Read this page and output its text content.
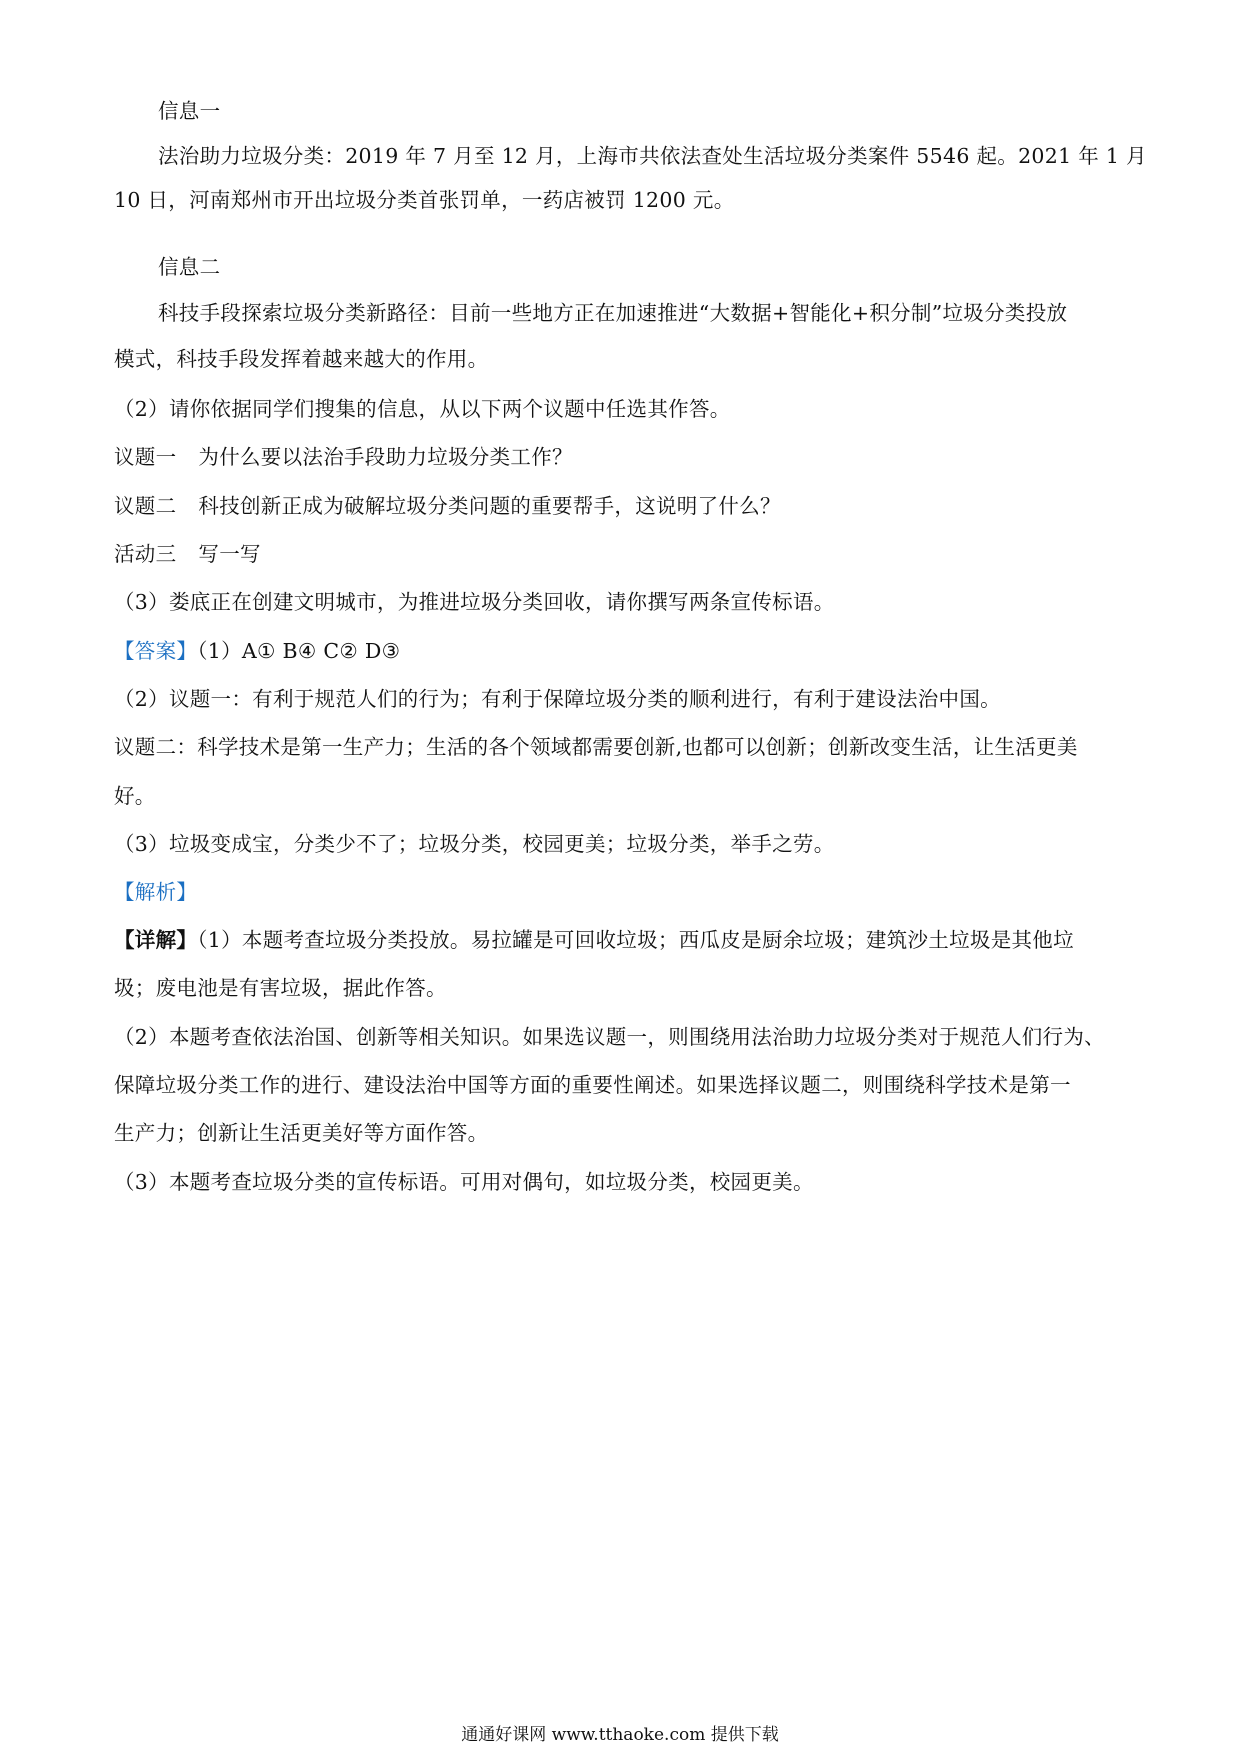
信息一
法治助力垃圾分类：2019 年 7 月至 12 月，上海市共依法查处生活垃圾分类案件 5546 起。2021 年 1 月
10 日，河南郑州市开出垃圾分类首张罚单，一药店被罚 1200 元。
信息二
科技手段探索垃圾分类新路径：目前一些地方正在加速推进“大数据+智能化+积分制”垃圾分类投放
模式，科技手段发挥着越来越大的作用。
（2）请你依据同学们搜集的信息，从以下两个议题中任选其作答。
议题一 为什么要以法治手段助力垃圾分类工作？
议题二 科技创新正成为破解垃圾分类问题的重要帮手，这说明了什么？
活动三 写一写
（3）娄底正在创建文明城市，为推进垃圾分类回收，请你撰写两条宣传标语。
【答案】（1）A① B④ C② D③
（2）议题一：有利于规范人们的行为；有利于保障垃圾分类的顺利进行，有利于建设法治中国。
议题二：科学技术是第一生产力；生活的各个领域都需要创新,也都可以创新；创新改变生活，让生活更美
好。
（3）垃圾变成宝，分类少不了；垃圾分类，校园更美；垃圾分类，举手之劳。
【解析】
【详解】（1）本题考查垃圾分类投放。易拉罐是可回收垃圾；西瓜皮是厨余垃圾；建筑沙土垃圾是其他垃
圾；废电池是有害垃圾，据此作答。
（2）本题考查依法治国、创新等相关知识。如果选议题一，则围绕用法治助力垃圾分类对于规范人们行为、
保障垃圾分类工作的进行、建设法治中国等方面的重要性阐述。如果选择议题二，则围绕科学技术是第一
生产力；创新让生活更美好等方面作答。
（3）本题考查垃圾分类的宣传标语。可用对偶句，如垃圾分类，校园更美。
通通好课网 www.tthaoke.com 提供下载
